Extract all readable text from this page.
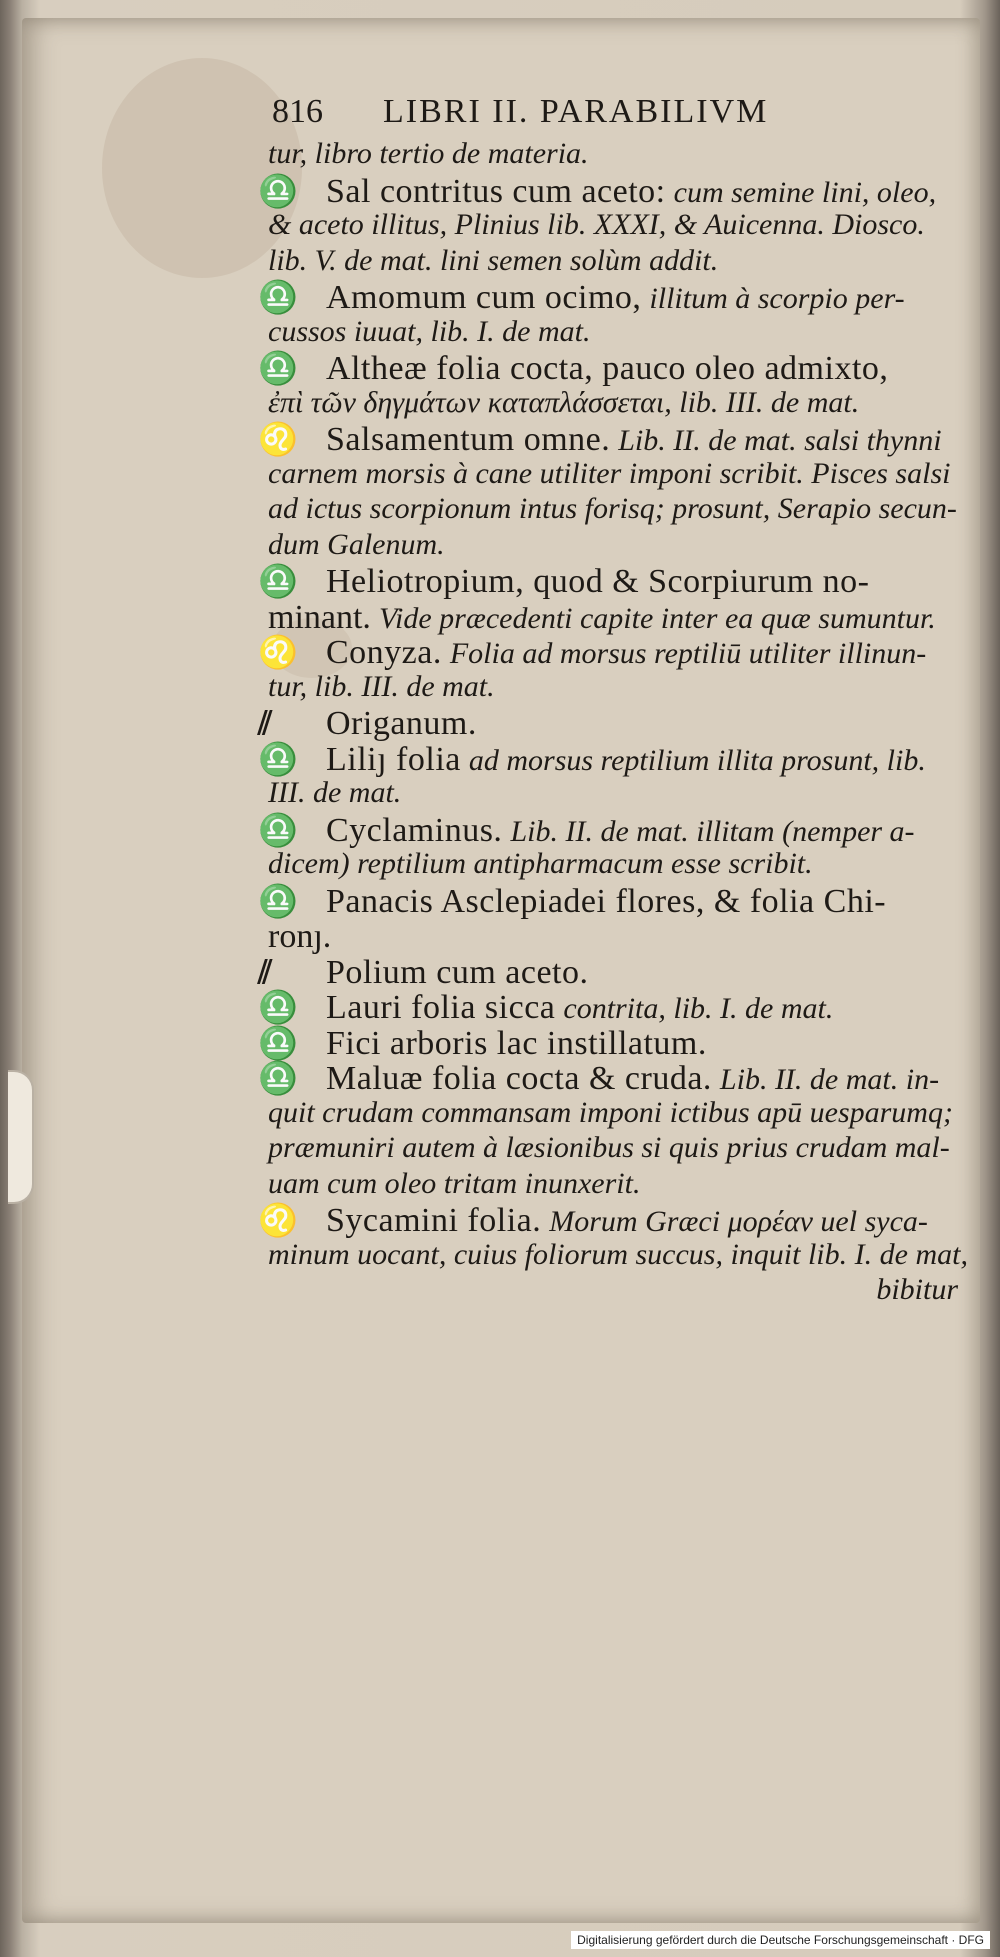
816 LIBRI II. PARABILIVM
tur, libro tertio de materia.
♎ Sal contritus cum aceto: cum semine lini, oleo,
& aceto illitus, Plinius lib. XXXI, & Auicenna. Diosco.
lib. V. de mat. lini semen solùm addit.
♎ Amomum cum ocimo, illitum à scorpio per-
cussos iuuat, lib. I. de mat.
♎ Altheæ folia cocta, pauco oleo admixto,
ἐπὶ τῶν δηγμάτων καταπλάσσεται, lib. III. de mat.
♌ Salsamentum omne. Lib. II. de mat. salsi thynni
carnem morsis à cane utiliter imponi scribit. Pisces salsi
ad ictus scorpionum intus forisq; prosunt, Serapio secun-
dum Galenum.
♎ Heliotropium, quod & Scorpiurum no-
minant. Vide præcedenti capite inter ea quæ sumuntur.
♌ Conyza. Folia ad morsus reptiliū utiliter illinun-
tur, lib. III. de mat.
⫽	Origanum.
♎ Liliȷ folia ad morsus reptilium illita prosunt, lib.
III. de mat.
♎ Cyclaminus. Lib. II. de mat. illitam (nemper a-
dicem) reptilium antipharmacum esse scribit.
♎ Panacis Asclepiadei flores, & folia Chi-
ronȷ.
⫽	Polium cum aceto.
♎ Lauri folia sicca contrita, lib. I. de mat.
♎ Fici arboris lac instillatum.
♎ Maluæ folia cocta & cruda. Lib. II. de mat. in-
quit crudam commansam imponi ictibus apū uesparumq;
præmuniri autem à læsionibus si quis prius crudam mal-
uam cum oleo tritam inunxerit.
♌ Sycamini folia. Morum Græci μορέαν uel syca-
minum uocant, cuius foliorum succus, inquit lib. I. de mat,
bibitur
Digitalisierung gefördert durch die Deutsche Forschungsgemeinschaft · DFG
